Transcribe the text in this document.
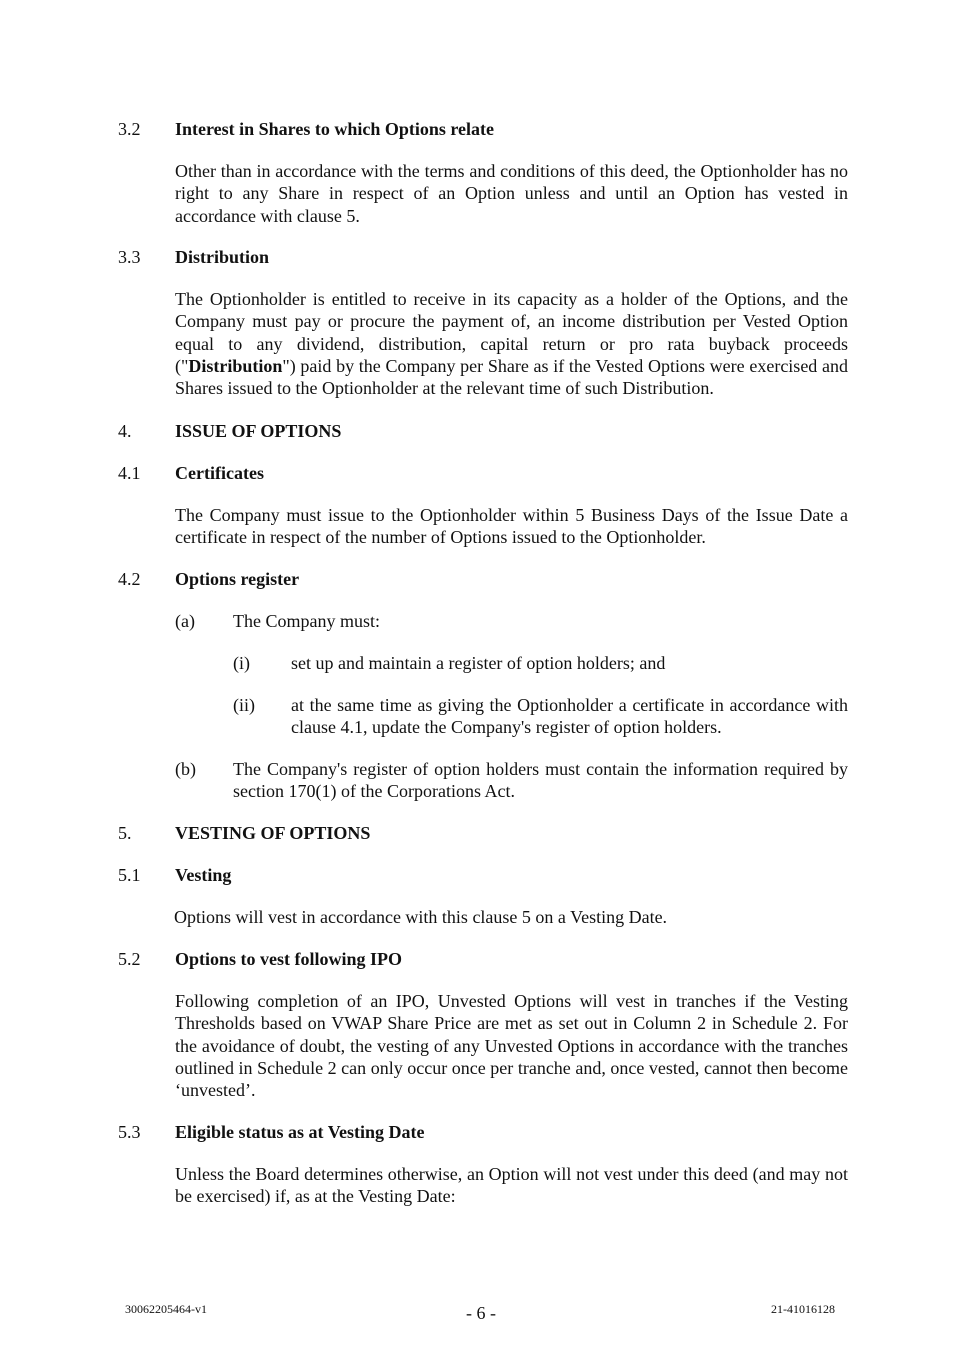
3.2 Interest in Shares to which Options relate
Other than in accordance with the terms and conditions of this deed, the Optionholder has no right to any Share in respect of an Option unless and until an Option has vested in accordance with clause 5.
3.3 Distribution
The Optionholder is entitled to receive in its capacity as a holder of the Options, and the Company must pay or procure the payment of, an income distribution per Vested Option equal to any dividend, distribution, capital return or pro rata buyback proceeds ("Distribution") paid by the Company per Share as if the Vested Options were exercised and Shares issued to the Optionholder at the relevant time of such Distribution.
4. ISSUE OF OPTIONS
4.1 Certificates
The Company must issue to the Optionholder within 5 Business Days of the Issue Date a certificate in respect of the number of Options issued to the Optionholder.
4.2 Options register
(a) The Company must:
(i) set up and maintain a register of option holders; and
(ii) at the same time as giving the Optionholder a certificate in accordance with clause 4.1, update the Company's register of option holders.
(b) The Company's register of option holders must contain the information required by section 170(1) of the Corporations Act.
5. VESTING OF OPTIONS
5.1 Vesting
Options will vest in accordance with this clause 5 on a Vesting Date.
5.2 Options to vest following IPO
Following completion of an IPO, Unvested Options will vest in tranches if the Vesting Thresholds based on VWAP Share Price are met as set out in Column 2 in Schedule 2. For the avoidance of doubt, the vesting of any Unvested Options in accordance with the tranches outlined in Schedule 2 can only occur once per tranche and, once vested, cannot then become ‘unvested’.
5.3 Eligible status as at Vesting Date
Unless the Board determines otherwise, an Option will not vest under this deed (and may not be exercised) if, as at the Vesting Date:
30062205464-v1	- 6 -	21-41016128
